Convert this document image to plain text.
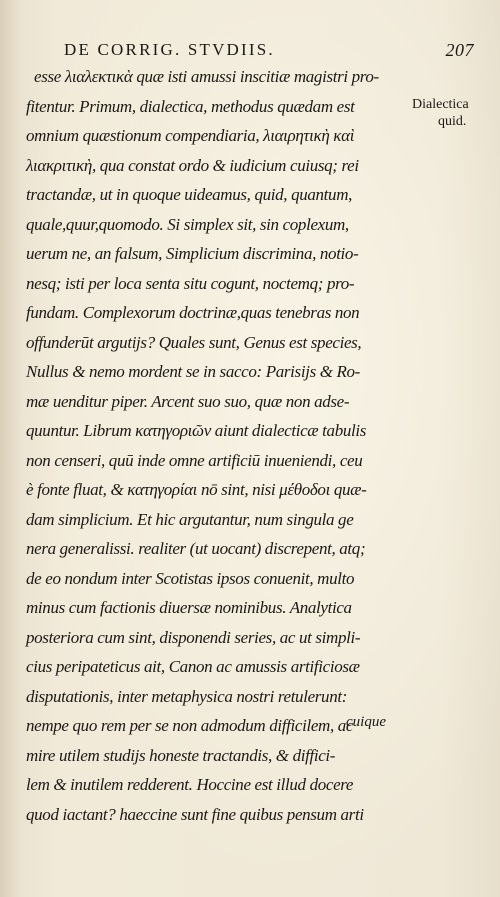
DE CORRIG. STVDIIS.	207
esse λιαλεκτικὰ quæ isti amussi inscitiæ magistri pro-
fitentur. Primum, dialectica, methodus quædam est
omnium quæstionum compendiaria, λιαιρητικὴ καὶ
λιακριτικὴ, qua constat ordo & iudicium cuiusq; rei
tractandæ, ut in quoque uideamus, quid, quantum,
quale,quur,quomodo. Si simplex sit, sin coplexum,
uerum ne, an falsum, Simplicium discrimina, notio-
nesq; isti per loca senta situ cogunt, noctemq; pro-
fundam. Complexorum doctrinæ,quas tenebras non
offunderūt argutijs? Quales sunt, Genus est species,
Nullus & nemo mordent se in sacco: Parisijs & Ro-
mæ uenditur piper. Arcent suo suo, quæ non adse-
quuntur. Librum κατηγοριῶν aiunt dialecticæ tabulis
non censeri, quū inde omne artificiū inueniendi, ceu
è fonte fluat, & κατηγορίαι nō sint, nisi μέθοδοι quæ-
dam simplicium. Et hic argutantur, num singula ge
nera generalissi. realiter (ut uocant) discrepent, atq;
de eo nondum inter Scotistas ipsos conuenit, multo
minus cum factionis diuersæ nominibus. Analytica
posteriora cum sint, disponendi series, ac ut simpli-
cius peripateticus ait, Canon ac amussis artificiosæ
disputationis, inter metaphysica nostri retulerunt:
nempe quo rem per se non admodum difficilem, ac
mire utilem studijs honeste tractandis, & diffici-
lem & inutilem redderent. Hoccine est illud docere
quod iactant? haeccine sunt fine quibus pensum arti
Dialectica
quid.
cuique
